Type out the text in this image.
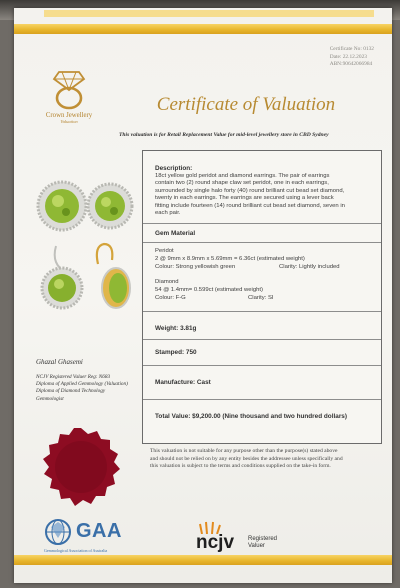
Certificate No: 0132
Date: 22.12.2023
ABN:90642066984
Crown Jewellery
Valuation
Certificate of Valuation
This valuation is for Retail Replacement Value for mid-level jewellery store in CBD Sydney
Ghazal Ghasemi
NCJV Registered Valuer Reg: N683
Diploma of Applied Gemmology (Valuation)
Diploma of Diamond Technology
Gemmologist
Description:
18ct yellow gold peridot and diamond earrings. The pair of earrings
contain two (2) round shape claw set peridot, one in each earrings,
surrounded by single halo forty (40) round brilliant cut bead set diamond,
twenty in each earrings. The earrings are secured using a lever back
fitting include fourteen (14) round brilliant cut bead set diamond, seven in
each pair.
Gem Material
Peridot
2 @ 9mm x 8.9mm x 5.69mm = 6.36ct (estimated weight)
Colour: Strong yellowish green	Clarity: Lightly included
Diamond
54 @ 1.4mm= 0.599ct (estimated weight)
Colour: F-G	Clarity: SI
Weight: 3.81g
Stamped: 750
Manufacture: Cast
Total Value: $9,200.00 (Nine thousand and two hundred dollars)
This valuation is not suitable for any purpose other than the purpose(s) stated above
and should not be relied on by any entity besides the addressee unless specifically and
this valuation is subject to the terms and conditions supplied on the take-in form.
GAA
Gemmological Association of Australia	ncjv Registered
Valuer
